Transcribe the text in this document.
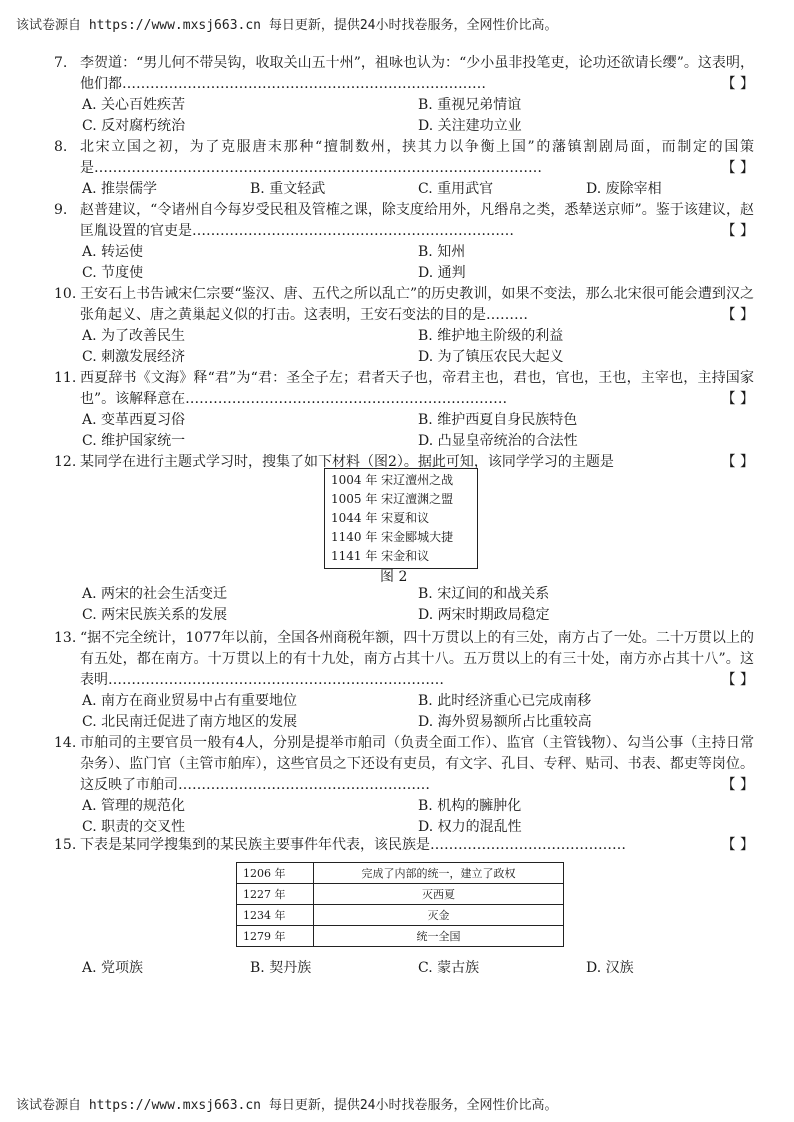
该试卷源自 https://www.mxsj663.cn 每日更新，提供24小时找卷服务，全网性价比高。
7. 李贺道：“男儿何不带吴钩，收取关山五十州”，祖咏也认为：“少小虽非投笔吏，论功还欲请长缨”。这表明，他们都……………………………………………………………………	【 】
A. 关心百姓疾苦	B. 重视兄弟情谊
C. 反对腐朽统治	D. 关注建功立业
8. 北宋立国之初，为了克服唐末那种“擅制数州，挟其力以争衡上国”的藩镇割剧局面，而制定的国策是……………………………………………………………………………………	【 】
A. 推崇儒学	B. 重文轻武	C. 重用武官	D. 废除宰相
9. 赵普建议，“令诸州自今每岁受民租及管榷之课，除支度给用外，凡缗帛之类，悉辇送京师”。鉴于该建议，赵匡胤设置的官吏是……………………………………………………………	【 】
A. 转运使	B. 知州
C. 节度使	D. 通判
10. 王安石上书告诫宋仁宗要“鉴汉、唐、五代之所以乱亡”的历史教训，如果不变法，那么北宋很可能会遭到汉之张角起义、唐之黄巢起义似的打击。这表明，王安石变法的目的是………	【 】
A. 为了改善民生	B. 维护地主阶级的利益
C. 刺激发展经济	D. 为了镇压农民大起义
11. 西夏辞书《文海》释“君”为“君：圣全子左；君者天子也，帝君主也，君也，官也，王也，主宰也，主持国家也”。该解释意在……………………………………………………………	【 】
A. 变革西夏习俗	B. 维护西夏自身民族特色
C. 维护国家统一	D. 凸显皇帝统治的合法性
12. 某同学在进行主题式学习时，搜集了如下材料（图2）。据此可知，该同学学习的主题是	【 】
1004 年 宋辽澶州之战
1005 年 宋辽澶渊之盟
1044 年 宋夏和议
1140 年 宋金郾城大捷
1141 年 宋金和议
图 2
A. 两宋的社会生活变迁	B. 宋辽间的和战关系
C. 两宋民族关系的发展	D. 两宋时期政局稳定
13. “据不完全统计，1077年以前，全国各州商税年额，四十万贯以上的有三处，南方占了一处。二十万贯以上的有五处，都在南方。十万贯以上的有十九处，南方占其十八。五万贯以上的有三十处，南方亦占其十八”。这表明………………………………………………………………	【 】
A. 南方在商业贸易中占有重要地位	B. 此时经济重心已完成南移
C. 北民南迁促进了南方地区的发展	D. 海外贸易额所占比重较高
14. 市舶司的主要官员一般有4人，分别是提举市舶司（负责全面工作）、监官（主管钱物）、勾当公事（主持日常杂务）、监门官（主管市舶库），这些官员之下还设有吏员，有文字、孔目、专秤、贴司、书表、都吏等岗位。这反映了市舶司………………………………………………	【 】
A. 管理的规范化	B. 机构的臃肿化
C. 职责的交叉性	D. 权力的混乱性
15. 下表是某同学搜集到的某民族主要事件年代表，该民族是……………………………………	【 】
1206 年	完成了内部的统一，建立了政权
1227 年	灭西夏
1234 年	灭金
1279 年	统一全国
A. 党项族	B. 契丹族	C. 蒙古族	D. 汉族
该试卷源自 https://www.mxsj663.cn 每日更新，提供24小时找卷服务，全网性价比高。
